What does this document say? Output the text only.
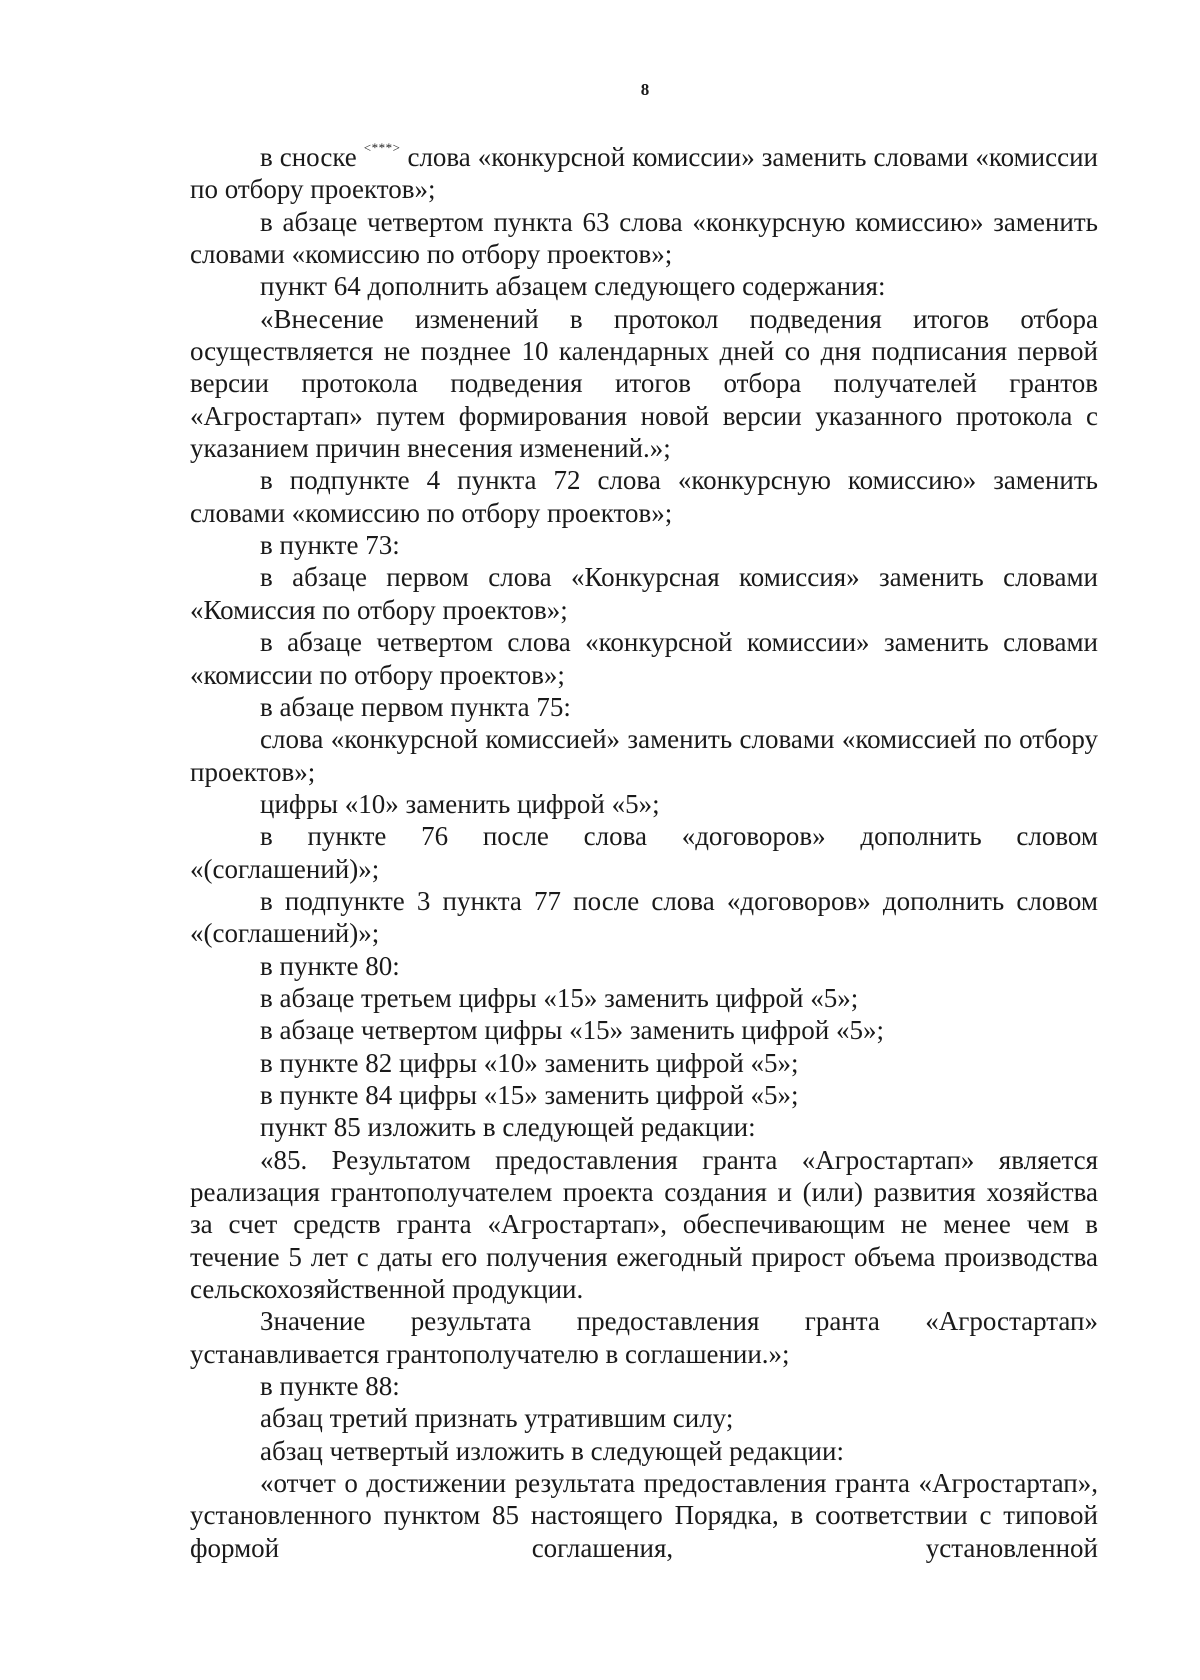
8

в сноске <***> слова «конкурсной комиссии» заменить словами «комиссии по отбору проектов»;

в абзаце четвертом пункта 63 слова «конкурсную комиссию» заменить словами «комиссию по отбору проектов»;

пункт 64 дополнить абзацем следующего содержания:

«Внесение изменений в протокол подведения итогов отбора осуществляется не позднее 10 календарных дней со дня подписания первой версии протокола подведения итогов отбора получателей грантов «Агростартап» путем формирования новой версии указанного протокола с указанием причин внесения изменений.»;

в подпункте 4 пункта 72 слова «конкурсную комиссию» заменить словами «комиссию по отбору проектов»;

в пункте 73:

в абзаце первом слова «Конкурсная комиссия» заменить словами «Комиссия по отбору проектов»;

в абзаце четвертом слова «конкурсной комиссии» заменить словами «комиссии по отбору проектов»;

в абзаце первом пункта 75:

слова «конкурсной комиссией» заменить словами «комиссией по отбору проектов»;

цифры «10» заменить цифрой «5»;

в пункте 76 после слова «договоров» дополнить словом «(соглашений)»;

в подпункте 3 пункта 77 после слова «договоров» дополнить словом «(соглашений)»;

в пункте 80:

в абзаце третьем цифры «15» заменить цифрой «5»;

в абзаце четвертом цифры «15» заменить цифрой «5»;

в пункте 82 цифры «10» заменить цифрой «5»;

в пункте 84 цифры «15» заменить цифрой «5»;

пункт 85 изложить в следующей редакции:

«85. Результатом предоставления гранта «Агростартап» является реализация грантополучателем проекта создания и (или) развития хозяйства за счет средств гранта «Агростартап», обеспечивающим не менее чем в течение 5 лет с даты его получения ежегодный прирост объема производства сельскохозяйственной продукции.

Значение результата предоставления гранта «Агростартап» устанавливается грантополучателю в соглашении.»;

в пункте 88:

абзац третий признать утратившим силу;

абзац четвертый изложить в следующей редакции:

«отчет о достижении результата предоставления гранта «Агростартап», установленного пунктом 85 настоящего Порядка, в соответствии с типовой формой соглашения, установленной
